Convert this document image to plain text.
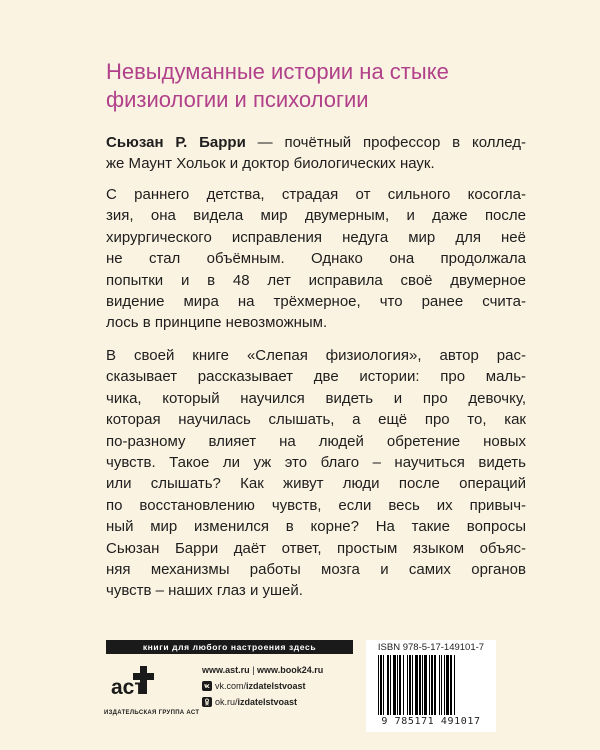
Невыдуманные истории на стыке
физиологии и психологии
Сьюзан Р. Барри — почётный профессор в коллед-
же Маунт Хольок и доктор биологических наук.
С раннего детства, страдая от сильного косогла-
зия, она видела мир двумерным, и даже после
хирургического исправления недуга мир для неё
не стал объёмным. Однако она продолжала
попытки и в 48 лет исправила своё двумерное
видение мира на трёхмерное, что ранее считa-
лось в принципе невозможным.
В своей книге «Слепая физиология», автор рас-
сказывает рассказывает две истории: про маль-
чика, который научился видеть и про девочку,
которая научилась слышать, а ещё про то, как
по-разному влияет на людей обретение новых
чувств. Такое ли уж это благо – научиться видеть
или слышать? Как живут люди после операций
по восстановлению чувств, если весь их привыч-
ный мир изменился в корне? На такие вопросы
Сьюзан Барри даёт ответ, простым языком объяс-
няя механизмы работы мозга и самих органов
чувств – наших глаз и ушей.
книги для любого настроения здесь
аст
ИЗДАТЕЛЬСКАЯ ГРУППА АСТ
www.ast.ru | www.book24.ru
vk.com/ izdatelstvoast
ok.ru/ izdatelstvoast
ISBN 978-5-17-149101-7
9 785171 491017
